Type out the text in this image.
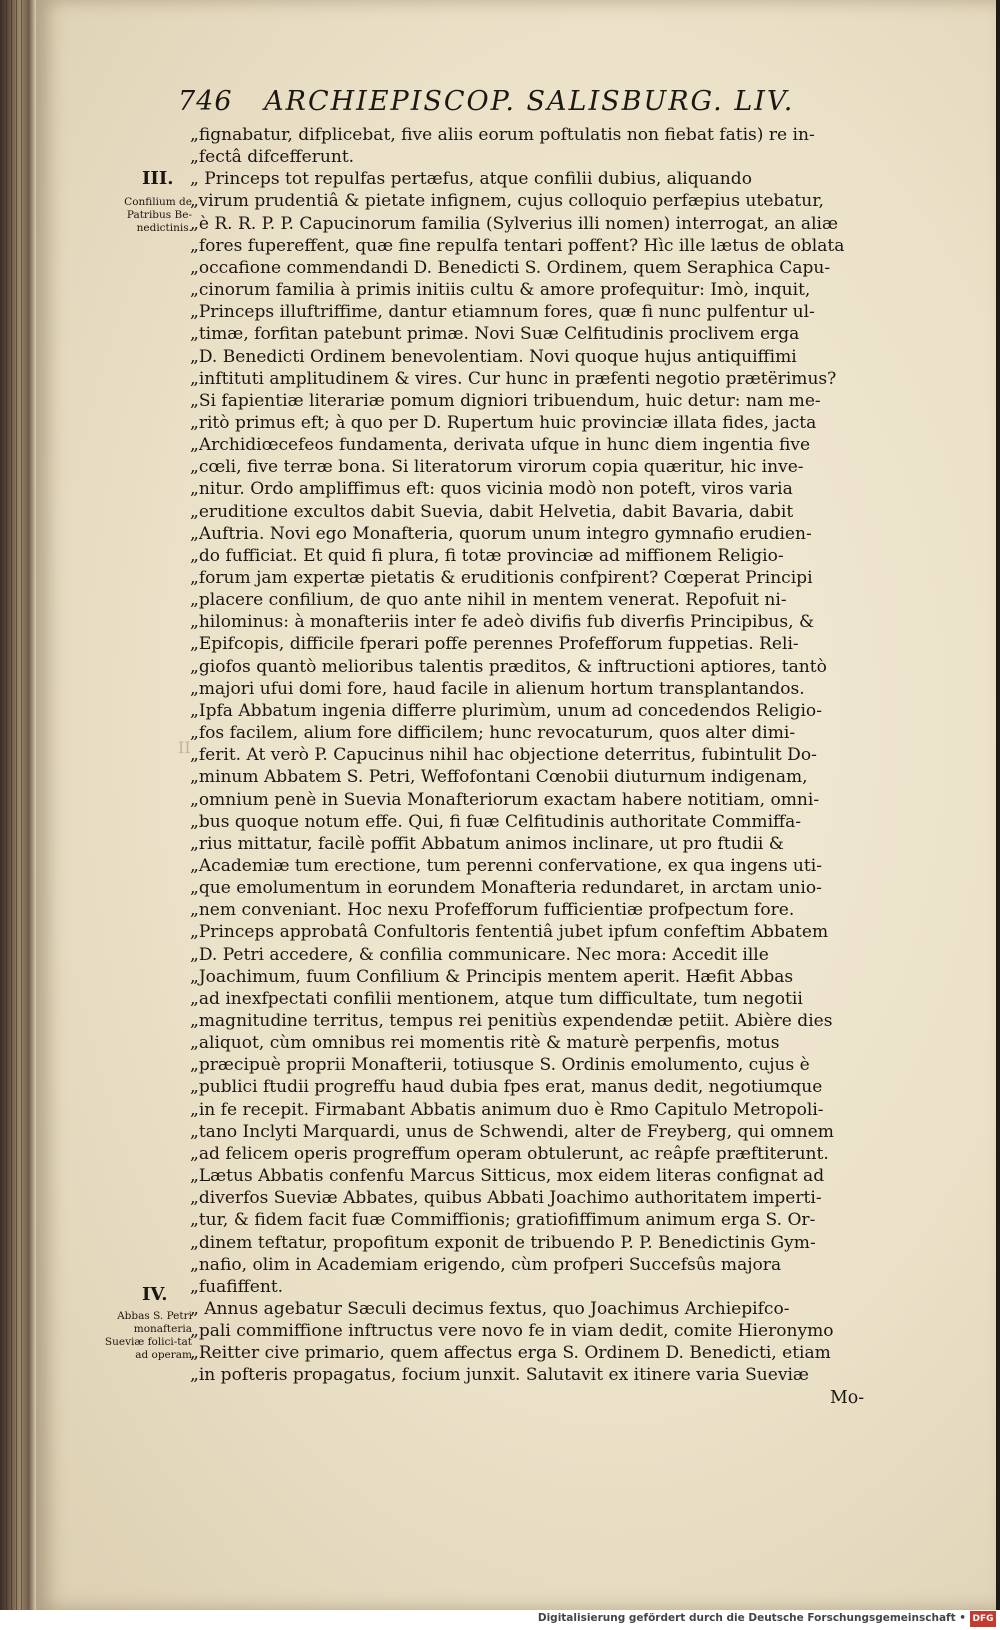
746 ARCHIEPISCOP. SALISBURG. LIV.
III.
Confilium de Patribus Be-nedictinis.
IV.
Abbas S. Petri monafteria Sueviæ folici-tat ad operam
II
„fignabatur, difplicebat, five aliis eorum poftulatis non fiebat fatis) re in-
„fectâ difcefferunt.
„ Princeps tot repulfas pertæfus, atque confilii dubius, aliquando
„virum prudentiâ & pietate infignem, cujus colloquio perfæpius utebatur,
„è R. R. P. P. Capucinorum familia (Sylverius illi nomen) interrogat, an aliæ
„fores fupereffent, quæ fine repulfa tentari poffent? Hìc ille lætus de oblata
„occafione commendandi D. Benedicti S. Ordinem, quem Seraphica Capu-
„cinorum familia à primis initiis cultu & amore profequitur: Imò, inquit,
„Princeps illuftriffime, dantur etiamnum fores, quæ fi nunc pulfentur ul-
„timæ, forfitan patebunt primæ. Novi Suæ Celfitudinis proclivem erga
„D. Benedicti Ordinem benevolentiam. Novi quoque hujus antiquiffimi
„inftituti amplitudinem & vires. Cur hunc in præfenti negotio prætërimus?
„Si fapientiæ literariæ pomum digniori tribuendum, huic detur: nam me-
„ritò primus eft; à quo per D. Rupertum huic provinciæ illata fides, jacta
„Archidiœcefeos fundamenta, derivata ufque in hunc diem ingentia five
„cœli, five terræ bona. Si literatorum virorum copia quæritur, hic inve-
„nitur. Ordo ampliffimus eft: quos vicinia modò non poteft, viros varia
„eruditione excultos dabit Suevia, dabit Helvetia, dabit Bavaria, dabit
„Auftria. Novi ego Monafteria, quorum unum integro gymnafio erudien-
„do fufficiat. Et quid fi plura, fi totæ provinciæ ad miffionem Religio-
„forum jam expertæ pietatis & eruditionis confpirent? Cœperat Principi
„placere confilium, de quo ante nihil in mentem venerat. Repofuit ni-
„hilominus: à monafteriis inter fe adeò divifis fub diverfis Principibus, &
„Epifcopis, difficile fperari poffe perennes Profefforum fuppetias. Reli-
„giofos quantò melioribus talentis præditos, & inftructioni aptiores, tantò
„majori ufui domi fore, haud facile in alienum hortum transplantandos.
„Ipfa Abbatum ingenia differre plurimùm, unum ad concedendos Religio-
„fos facilem, alium fore difficilem; hunc revocaturum, quos alter dimi-
„ferit. At verò P. Capucinus nihil hac objectione deterritus, fubintulit Do-
„minum Abbatem S. Petri, Weffofontani Cœnobii diuturnum indigenam,
„omnium penè in Suevia Monafteriorum exactam habere notitiam, omni-
„bus quoque notum effe. Qui, fi fuæ Celfitudinis authoritate Commiffa-
„rius mittatur, facilè poffit Abbatum animos inclinare, ut pro ftudii &
„Academiæ tum erectione, tum perenni confervatione, ex qua ingens uti-
„que emolumentum in eorundem Monafteria redundaret, in arctam unio-
„nem conveniant. Hoc nexu Profefforum fufficientiæ profpectum fore.
„Princeps approbatâ Confultoris fententiâ jubet ipfum confeftim Abbatem
„D. Petri accedere, & confilia communicare. Nec mora: Accedit ille
„Joachimum, fuum Confilium & Principis mentem aperit. Hæfit Abbas
„ad inexfpectati confilii mentionem, atque tum difficultate, tum negotii
„magnitudine territus, tempus rei penitiùs expendendæ petiit. Abière dies
„aliquot, cùm omnibus rei momentis ritè & maturè perpenfis, motus
„præcipuè proprii Monafterii, totiusque S. Ordinis emolumento, cujus è
„publici ftudii progreffu haud dubia fpes erat, manus dedit, negotiumque
„in fe recepit. Firmabant Abbatis animum duo è Rmo Capitulo Metropoli-
„tano Inclyti Marquardi, unus de Schwendi, alter de Freyberg, qui omnem
„ad felicem operis progreffum operam obtulerunt, ac reâpfe præftiterunt.
„Lætus Abbatis confenfu Marcus Sitticus, mox eidem literas confignat ad
„diverfos Sueviæ Abbates, quibus Abbati Joachimo authoritatem imperti-
„tur, & fidem facit fuæ Commiffionis; gratiofiffimum animum erga S. Or-
„dinem teftatur, propofitum exponit de tribuendo P. P. Benedictinis Gym-
„nafio, olim in Academiam erigendo, cùm profperi Succefsûs majora
„fuafiffent.
„ Annus agebatur Sæculi decimus fextus, quo Joachimus Archiepifco-
„pali commiffione inftructus vere novo fe in viam dedit, comite Hieronymo
„Reitter cive primario, quem affectus erga S. Ordinem D. Benedicti, etiam
„in pofteris propagatus, focium junxit. Salutavit ex itinere varia Sueviæ
Mo-
Digitalisierung gefördert durch die Deutsche Forschungsgemeinschaft • DFG
